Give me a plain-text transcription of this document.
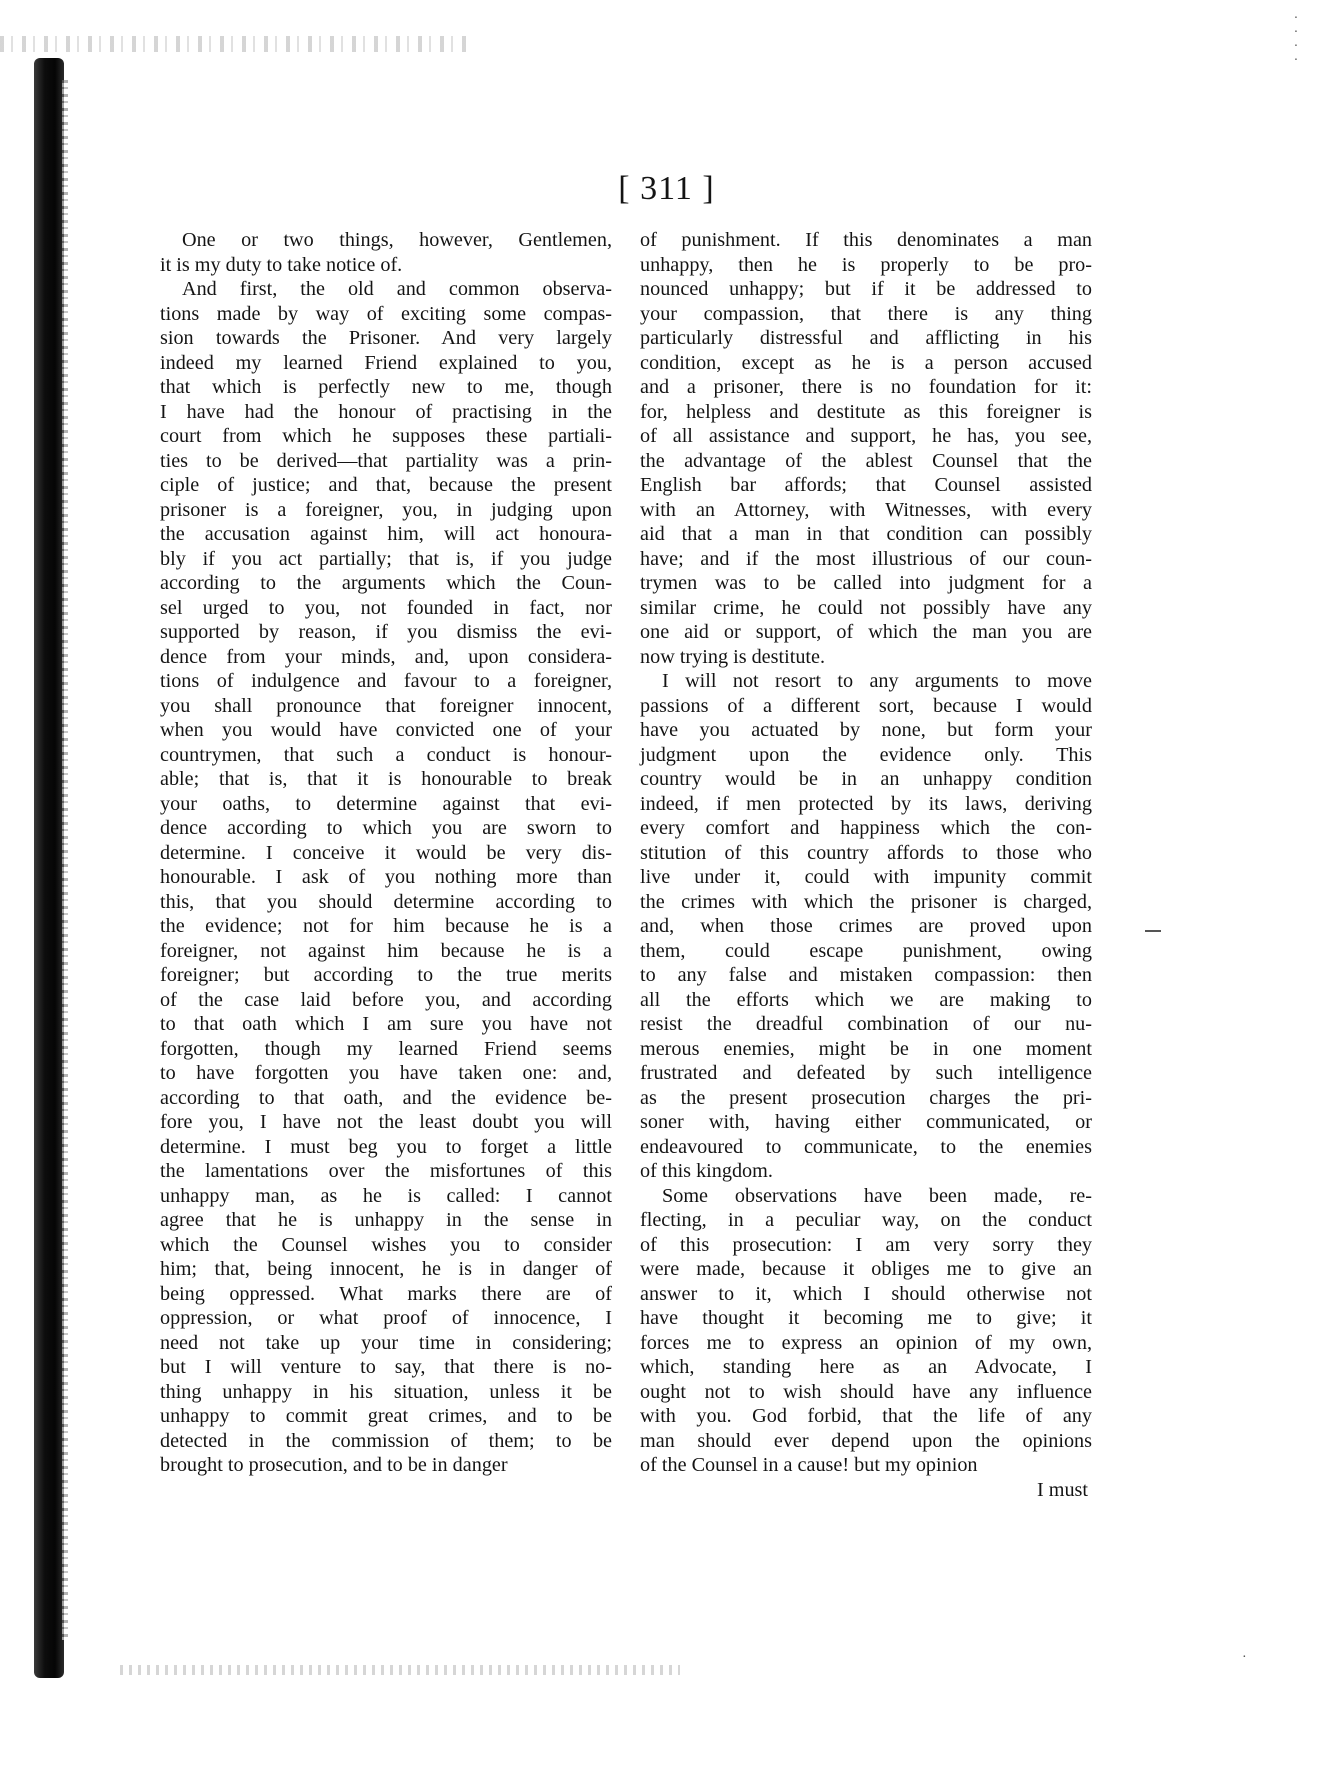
·
·
·
·
·
[ 311 ]
One or two things, however, Gentlemen,
it is my duty to take notice of.
And first, the old and common observa-
tions made by way of exciting some compas-
sion towards the Prisoner. And very largely
indeed my learned Friend explained to you,
that which is perfectly new to me, though
I have had the honour of practising in the
court from which he supposes these partiali-
ties to be derived—that partiality was a prin-
ciple of justice; and that, because the present
prisoner is a foreigner, you, in judging upon
the accusation against him, will act honoura-
bly if you act partially; that is, if you judge
according to the arguments which the Coun-
sel urged to you, not founded in fact, nor
supported by reason, if you dismiss the evi-
dence from your minds, and, upon considera-
tions of indulgence and favour to a foreigner,
you shall pronounce that foreigner innocent,
when you would have convicted one of your
countrymen, that such a conduct is honour-
able; that is, that it is honourable to break
your oaths, to determine against that evi-
dence according to which you are sworn to
determine. I conceive it would be very dis-
honourable. I ask of you nothing more than
this, that you should determine according to
the evidence; not for him because he is a
foreigner, not against him because he is a
foreigner; but according to the true merits
of the case laid before you, and according
to that oath which I am sure you have not
forgotten, though my learned Friend seems
to have forgotten you have taken one: and,
according to that oath, and the evidence be-
fore you, I have not the least doubt you will
determine. I must beg you to forget a little
the lamentations over the misfortunes of this
unhappy man, as he is called: I cannot
agree that he is unhappy in the sense in
which the Counsel wishes you to consider
him; that, being innocent, he is in danger of
being oppressed. What marks there are of
oppression, or what proof of innocence, I
need not take up your time in considering;
but I will venture to say, that there is no-
thing unhappy in his situation, unless it be
unhappy to commit great crimes, and to be
detected in the commission of them; to be
brought to prosecution, and to be in danger
of punishment. If this denominates a man
unhappy, then he is properly to be pro-
nounced unhappy; but if it be addressed to
your compassion, that there is any thing
particularly distressful and afflicting in his
condition, except as he is a person accused
and a prisoner, there is no foundation for it:
for, helpless and destitute as this foreigner is
of all assistance and support, he has, you see,
the advantage of the ablest Counsel that the
English bar affords; that Counsel assisted
with an Attorney, with Witnesses, with every
aid that a man in that condition can possibly
have; and if the most illustrious of our coun-
trymen was to be called into judgment for a
similar crime, he could not possibly have any
one aid or support, of which the man you are
now trying is destitute.
I will not resort to any arguments to move
passions of a different sort, because I would
have you actuated by none, but form your
judgment upon the evidence only. This
country would be in an unhappy condition
indeed, if men protected by its laws, deriving
every comfort and happiness which the con-
stitution of this country affords to those who
live under it, could with impunity commit
the crimes with which the prisoner is charged,
and, when those crimes are proved upon
them, could escape punishment, owing
to any false and mistaken compassion: then
all the efforts which we are making to
resist the dreadful combination of our nu-
merous enemies, might be in one moment
frustrated and defeated by such intelligence
as the present prosecution charges the pri-
soner with, having either communicated, or
endeavoured to communicate, to the enemies
of this kingdom.
Some observations have been made, re-
flecting, in a peculiar way, on the conduct
of this prosecution: I am very sorry they
were made, because it obliges me to give an
answer to it, which I should otherwise not
have thought it becoming me to give; it
forces me to express an opinion of my own,
which, standing here as an Advocate, I
ought not to wish should have any influence
with you. God forbid, that the life of any
man should ever depend upon the opinions
of the Counsel in a cause! but my opinion
I must
